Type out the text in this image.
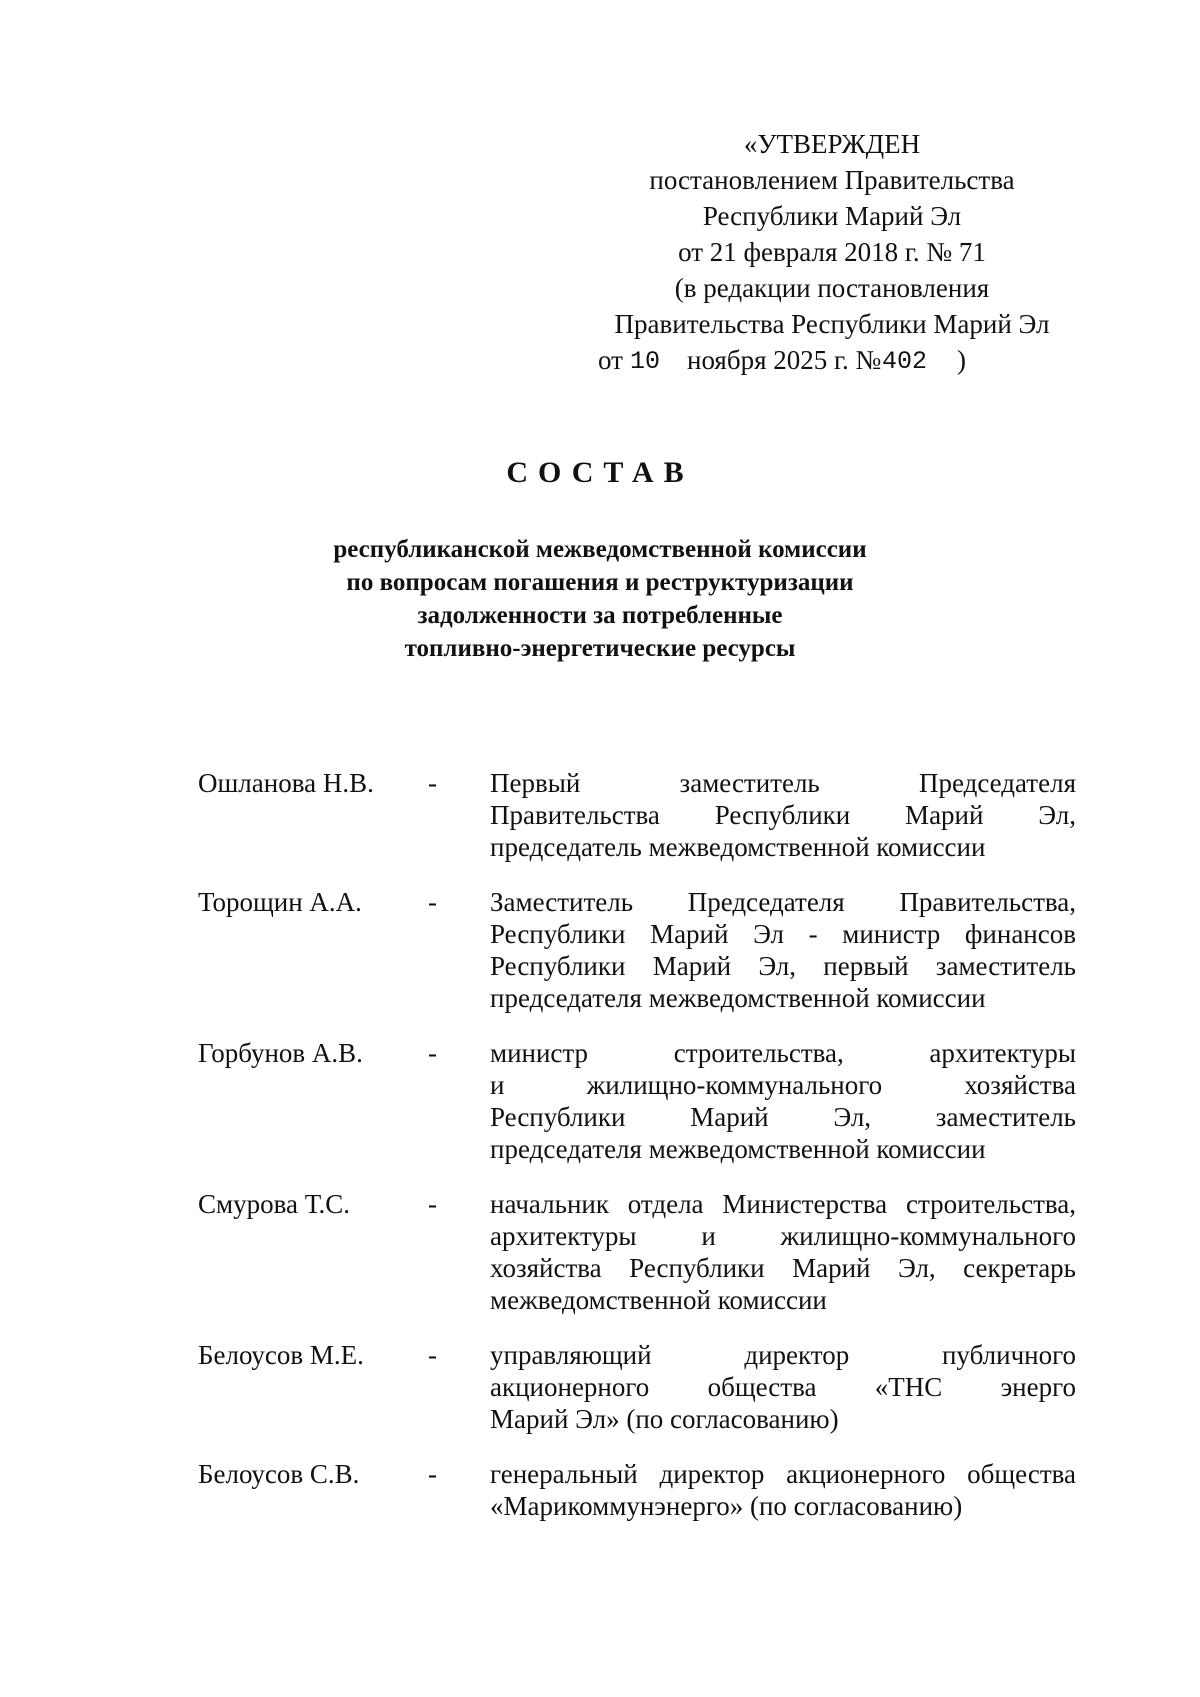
«УТВЕРЖДЕН
постановлением Правительства
Республики Марий Эл
от 21 февраля 2018 г. № 71
(в редакции постановления
Правительства Республики Марий Эл
от 10 ноября 2025 г. № 402 )
СОСТАВ
республиканской межведомственной комиссии
по вопросам погашения и реструктуризации
задолженности за потребленные
топливно-энергетические ресурсы
Ошланова Н.В.	-	Первый заместитель Председателя
Правительства Республики Марий Эл,
председатель межведомственной комиссии
Торощин А.А.	-	Заместитель Председателя Правительства,
Республики Марий Эл - министр финансов
Республики Марий Эл, первый заместитель
председателя межведомственной комиссии
Горбунов А.В.	-	министр строительства, архитектуры
и жилищно-коммунального хозяйства
Республики Марий Эл, заместитель
председателя межведомственной комиссии
Смурова Т.С.	-	начальник отдела Министерства строительства,
архитектуры и жилищно-коммунального
хозяйства Республики Марий Эл, секретарь
межведомственной комиссии
Белоусов М.Е.	-	управляющий директор публичного
акционерного общества «ТНС энерго
Марий Эл» (по согласованию)
Белоусов С.В.	-	генеральный директор акционерного общества
«Марикоммунэнерго» (по согласованию)
